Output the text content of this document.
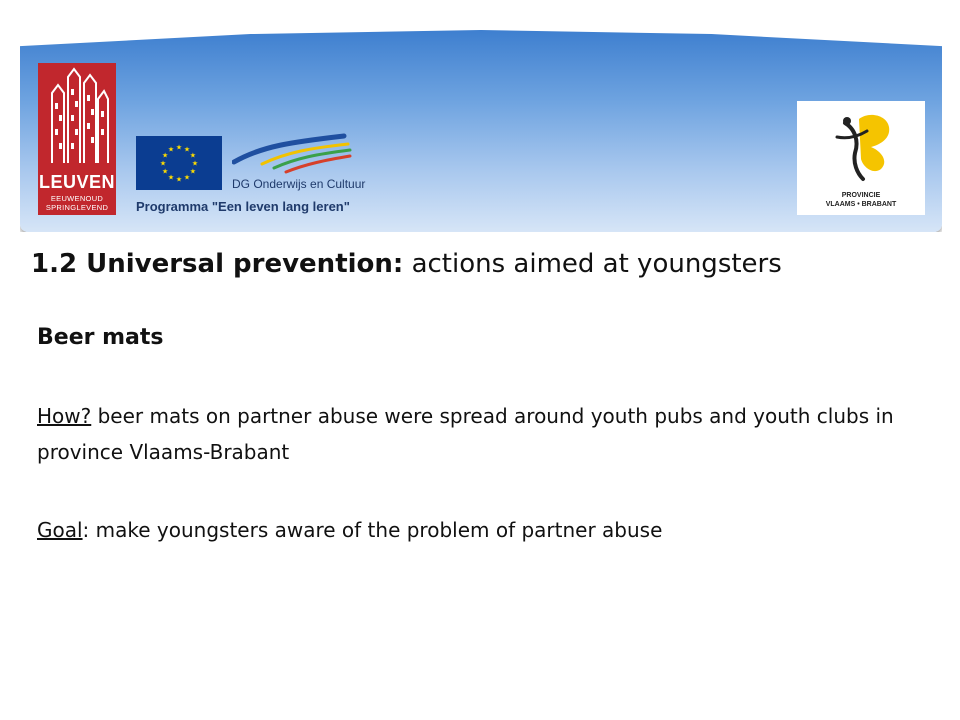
LEUVEN
EEUWENOUD
SPRINGLEVEND
★
★
★
★
★
★
★
★
★ ★ ★
★
DG Onderwijs en Cultuur
Programma "Een leven lang leren"
PROVINCIE
VLAAMS • BRABANT
1.2 Universal prevention: actions aimed at youngsters
Beer mats
How? beer mats on partner abuse were spread around youth pubs and youth clubs in province Vlaams-Brabant
Goal: make youngsters aware of the problem of partner abuse
